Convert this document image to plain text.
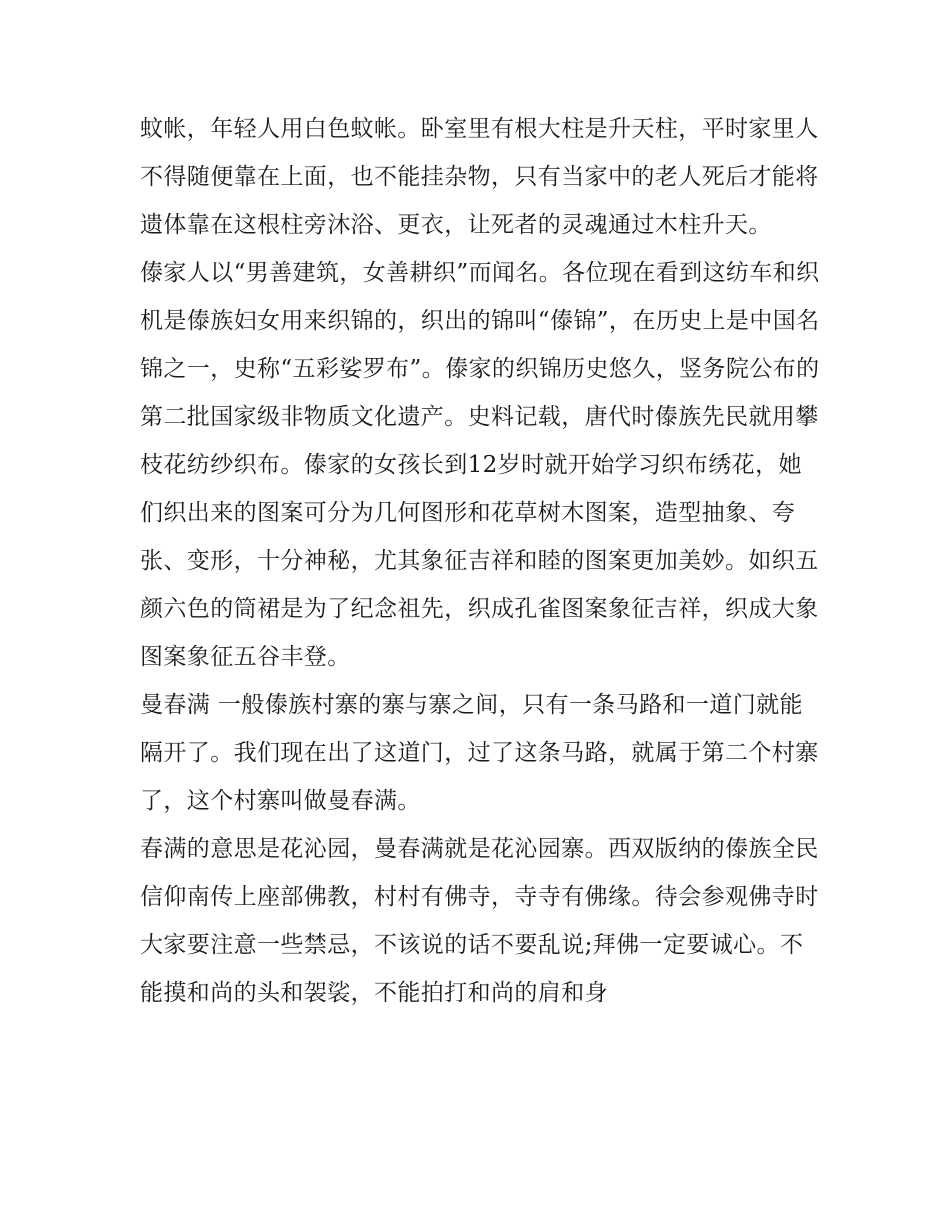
蚊帐，年轻人用白色蚊帐。卧室里有根大柱是升天柱，平时家里人不得随便靠在上面，也不能挂杂物，只有当家中的老人死后才能将遗体靠在这根柱旁沐浴、更衣，让死者的灵魂通过木柱升天。

傣家人以“男善建筑，女善耕织”而闻名。各位现在看到这纺车和织机是傣族妇女用来织锦的，织出的锦叫“傣锦”，在历史上是中国名锦之一，史称“五彩娑罗布”。傣家的织锦历史悠久，竖务院公布的第二批国家级非物质文化遗产。史料记载，唐代时傣族先民就用攀枝花纺纱织布。傣家的女孩长到12岁时就开始学习织布绣花，她们织出来的图案可分为几何图形和花草树木图案，造型抽象、夸张、变形，十分神秘，尤其象征吉祥和睦的图案更加美妙。如织五颜六色的筒裙是为了纪念祖先，织成孔雀图案象征吉祥，织成大象图案象征五谷丰登。

曼春满 一般傣族村寨的寨与寨之间，只有一条马路和一道门就能隔开了。我们现在出了这道门，过了这条马路，就属于第二个村寨了，这个村寨叫做曼春满。

春满的意思是花沁园，曼春满就是花沁园寨。西双版纳的傣族全民信仰南传上座部佛教，村村有佛寺，寺寺有佛缘。待会参观佛寺时大家要注意一些禁忌，不该说的话不要乱说;拜佛一定要诚心。不能摸和尚的头和袈裟，不能拍打和尚的肩和身
